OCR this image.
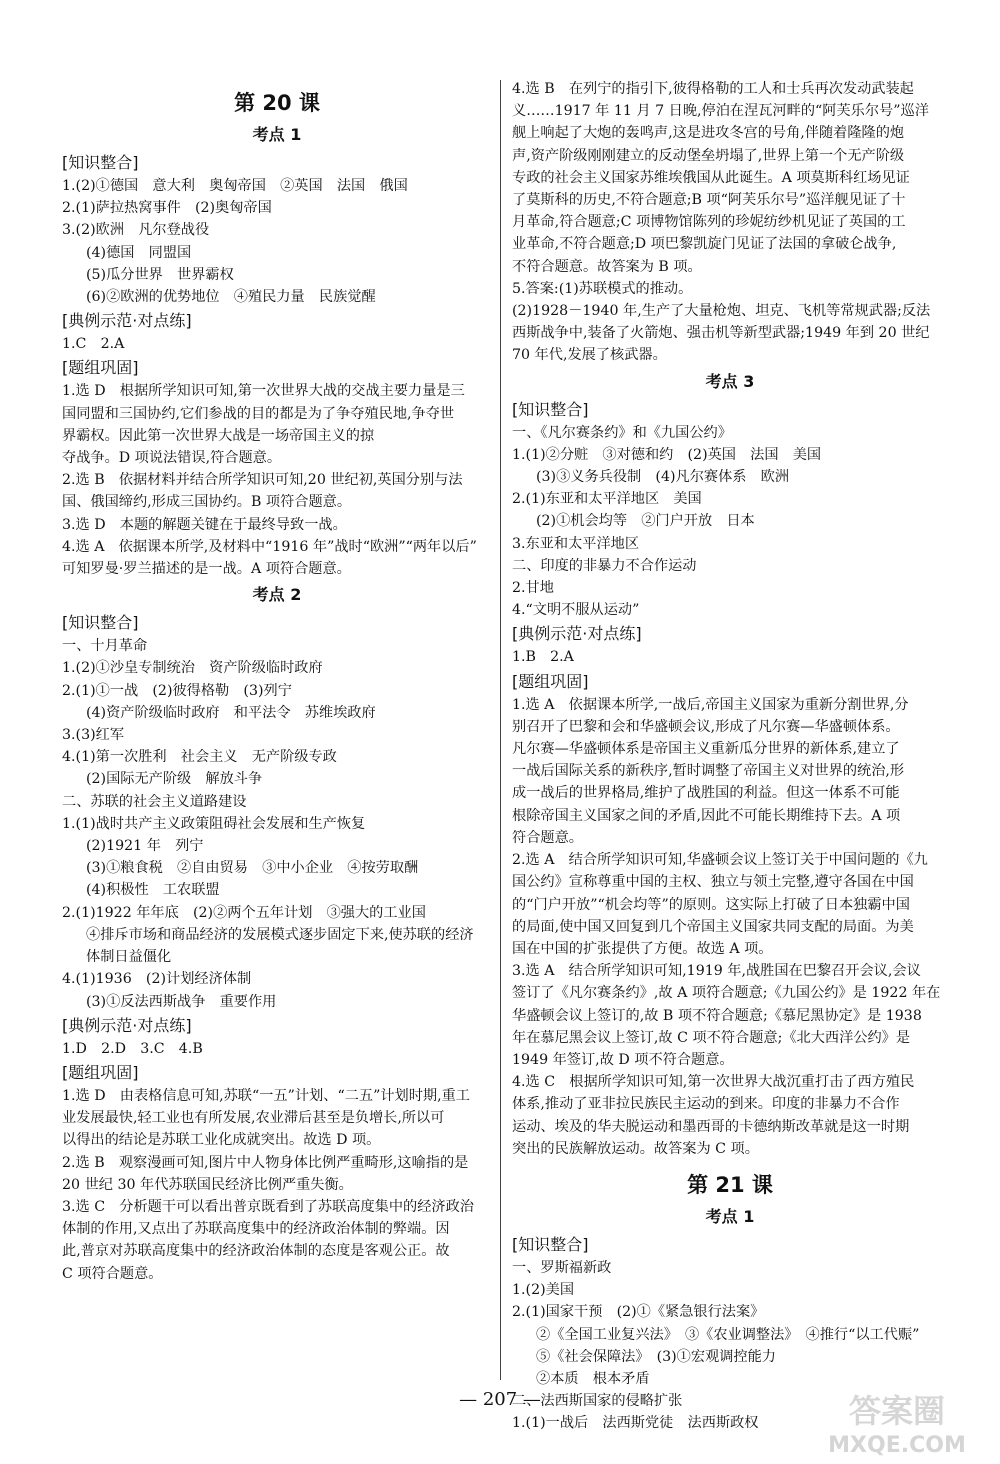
第 20 课
考点 1
[知识整合]
1.(2)①德国　意大利　奥匈帝国　②英国　法国　俄国
2.(1)萨拉热窝事件　(2)奥匈帝国
3.(2)欧洲　凡尔登战役
(4)德国　同盟国
(5)瓜分世界　世界霸权
(6)②欧洲的优势地位　④殖民力量　民族觉醒
[典例示范·对点练]
1.C　2.A
[题组巩固]
1.选 D　根据所学知识可知,第一次世界大战的交战主要力量是三
国同盟和三国协约,它们参战的目的都是为了争夺殖民地,争夺世
界霸权。因此第一次世界大战是一场帝国主义的掠
夺战争。D 项说法错误,符合题意。
2.选 B　依据材料并结合所学知识可知,20 世纪初,英国分别与法
国、俄国缔约,形成三国协约。B 项符合题意。
3.选 D　本题的解题关键在于最终导致一战。
4.选 A　依据课本所学,及材料中“1916 年”战时“欧洲”“两年以后”
可知罗曼·罗兰描述的是一战。A 项符合题意。
考点 2
[知识整合]
一、十月革命
1.(2)①沙皇专制统治　资产阶级临时政府
2.(1)①一战　(2)彼得格勒　(3)列宁
(4)资产阶级临时政府　和平法令　苏维埃政府
3.(3)红军
4.(1)第一次胜利　社会主义　无产阶级专政
(2)国际无产阶级　解放斗争
二、苏联的社会主义道路建设
1.(1)战时共产主义政策阻碍社会发展和生产恢复
(2)1921 年　列宁
(3)①粮食税　②自由贸易　③中小企业　④按劳取酬
(4)积极性　工农联盟
2.(1)1922 年年底　(2)②两个五年计划　③强大的工业国
④排斥市场和商品经济的发展模式逐步固定下来,使苏联的经济
体制日益僵化
4.(1)1936　(2)计划经济体制
(3)①反法西斯战争　重要作用
[典例示范·对点练]
1.D　2.D　3.C　4.B
[题组巩固]
1.选 D　由表格信息可知,苏联“一五”计划、“二五”计划时期,重工
业发展最快,轻工业也有所发展,农业滞后甚至是负增长,所以可
以得出的结论是苏联工业化成就突出。故选 D 项。
2.选 B　观察漫画可知,图片中人物身体比例严重畸形,这喻指的是
20 世纪 30 年代苏联国民经济比例严重失衡。
3.选 C　分析题干可以看出普京既看到了苏联高度集中的经济政治
体制的作用,又点出了苏联高度集中的经济政治体制的弊端。因
此,普京对苏联高度集中的经济政治体制的态度是客观公正。故
C 项符合题意。
4.选 B　在列宁的指引下,彼得格勒的工人和士兵再次发动武装起
义……1917 年 11 月 7 日晚,停泊在涅瓦河畔的“阿芙乐尔号”巡洋
舰上响起了大炮的轰鸣声,这是进攻冬宫的号角,伴随着隆隆的炮
声,资产阶级刚刚建立的反动堡垒坍塌了,世界上第一个无产阶级
专政的社会主义国家苏维埃俄国从此诞生。A 项莫斯科红场见证
了莫斯科的历史,不符合题意;B 项“阿芙乐尔号”巡洋舰见证了十
月革命,符合题意;C 项博物馆陈列的珍妮纺纱机见证了英国的工
业革命,不符合题意;D 项巴黎凯旋门见证了法国的拿破仑战争,
不符合题意。故答案为 B 项。
5.答案:(1)苏联模式的推动。
(2)1928－1940 年,生产了大量枪炮、坦克、飞机等常规武器;反法
西斯战争中,装备了火箭炮、强击机等新型武器;1949 年到 20 世纪
70 年代,发展了核武器。
考点 3
[知识整合]
一、《凡尔赛条约》和《九国公约》
1.(1)②分赃　③对德和约　(2)英国　法国　美国
(3)③义务兵役制　(4)凡尔赛体系　欧洲
2.(1)东亚和太平洋地区　美国
(2)①机会均等　②门户开放　日本
3.东亚和太平洋地区
二、印度的非暴力不合作运动
2.甘地
4.“文明不服从运动”
[典例示范·对点练]
1.B　2.A
[题组巩固]
1.选 A　依据课本所学,一战后,帝国主义国家为重新分割世界,分
别召开了巴黎和会和华盛顿会议,形成了凡尔赛—华盛顿体系。
凡尔赛—华盛顿体系是帝国主义重新瓜分世界的新体系,建立了
一战后国际关系的新秩序,暂时调整了帝国主义对世界的统治,形
成一战后的世界格局,维护了战胜国的利益。但这一体系不可能
根除帝国主义国家之间的矛盾,因此不可能长期维持下去。A 项
符合题意。
2.选 A　结合所学知识可知,华盛顿会议上签订关于中国问题的《九
国公约》宣称尊重中国的主权、独立与领土完整,遵守各国在中国
的“门户开放”“机会均等”的原则。这实际上打破了日本独霸中国
的局面,使中国又回复到几个帝国主义国家共同支配的局面。为美
国在中国的扩张提供了方便。故选 A 项。
3.选 A　结合所学知识可知,1919 年,战胜国在巴黎召开会议,会议
签订了《凡尔赛条约》,故 A 项符合题意;《九国公约》是 1922 年在
华盛顿会议上签订的,故 B 项不符合题意;《慕尼黑协定》是 1938
年在慕尼黑会议上签订,故 C 项不符合题意;《北大西洋公约》是
1949 年签订,故 D 项不符合题意。
4.选 C　根据所学知识可知,第一次世界大战沉重打击了西方殖民
体系,推动了亚非拉民族民主运动的到来。印度的非暴力不合作
运动、埃及的华夫脱运动和墨西哥的卡德纳斯改革就是这一时期
突出的民族解放运动。故答案为 C 项。
第 21 课
考点 1
[知识整合]
一、罗斯福新政
1.(2)美国
2.(1)国家干预　(2)①《紧急银行法案》
②《全国工业复兴法》　③《农业调整法》　④推行“以工代赈”
⑤《社会保障法》　(3)①宏观调控能力
②本质　根本矛盾
二、法西斯国家的侵略扩张
1.(1)一战后　法西斯党徒　法西斯政权
— 207 —	答案圈
MXQE.COM
